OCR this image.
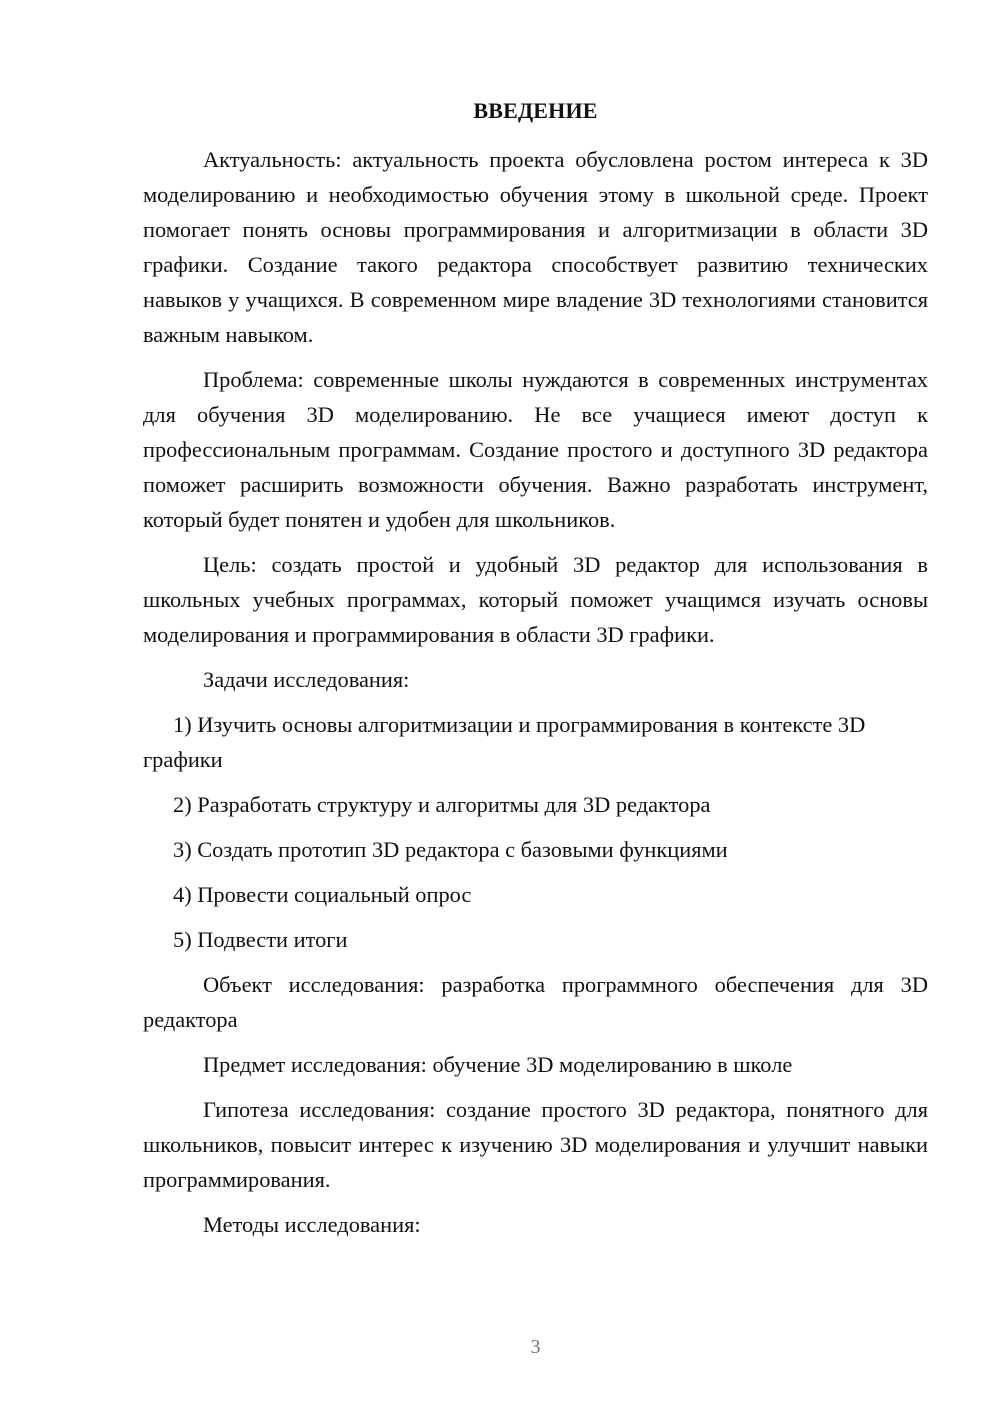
ВВЕДЕНИЕ

Актуальность: актуальность проекта обусловлена ростом интереса к 3D моделированию и необходимостью обучения этому в школьной среде. Проект помогает понять основы программирования и алгоритмизации в области 3D графики. Создание такого редактора способствует развитию технических навыков у учащихся. В современном мире владение 3D технологиями становится важным навыком.

Проблема: современные школы нуждаются в современных инструментах для обучения 3D моделированию. Не все учащиеся имеют доступ к профессиональным программам. Создание простого и доступного 3D редактора поможет расширить возможности обучения. Важно разработать инструмент, который будет понятен и удобен для школьников.

Цель: создать простой и удобный 3D редактор для использования в школьных учебных программах, который поможет учащимся изучать основы моделирования и программирования в области 3D графики.

Задачи исследования:

1) Изучить основы алгоритмизации и программирования в контексте 3D графики

2) Разработать структуру и алгоритмы для 3D редактора

3) Создать прототип 3D редактора с базовыми функциями

4) Провести социальный опрос

5) Подвести итоги

Объект исследования: разработка программного обеспечения для 3D редактора

Предмет исследования: обучение 3D моделированию в школе

Гипотеза исследования: создание простого 3D редактора, понятного для школьников, повысит интерес к изучению 3D моделирования и улучшит навыки программирования.

Методы исследования:

3
